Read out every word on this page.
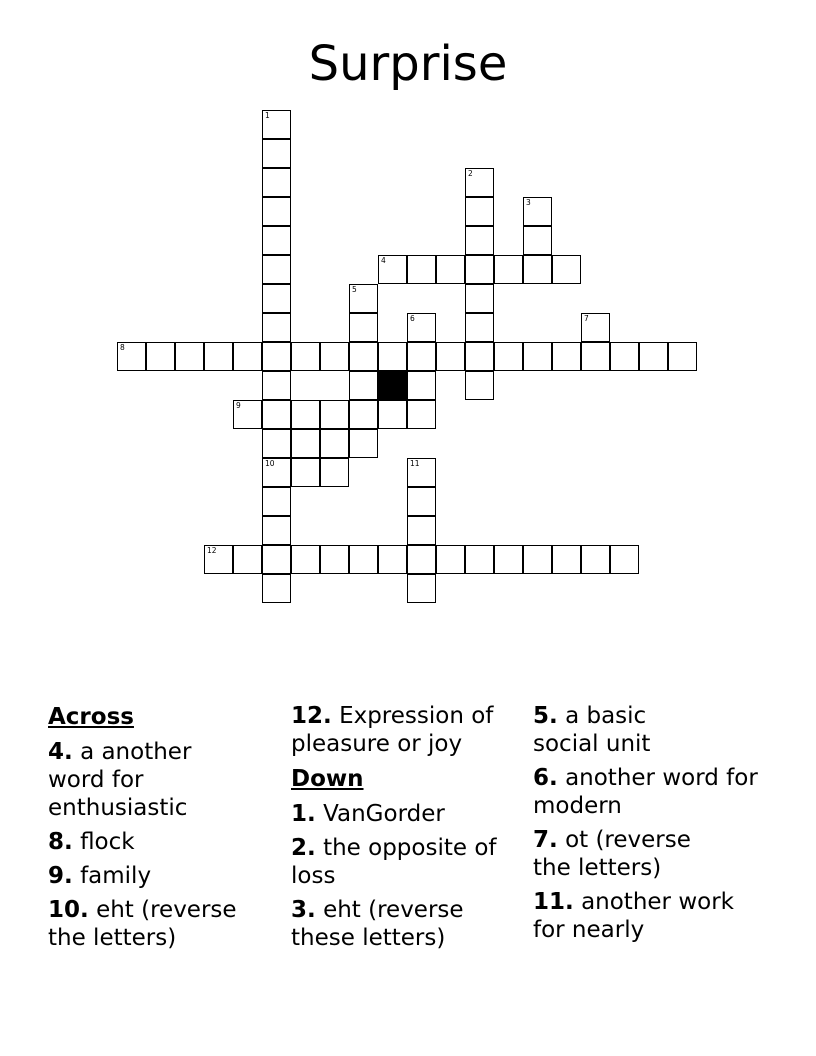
Surprise
1
10
2
3
4
5
6	7
8
9
11
12
Across
4. a another word for enthusiastic
8. flock
9. family
10. eht (reverse the letters)
12. Expression of pleasure or joy
Down
1. VanGorder
2. the opposite of loss
3. eht (reverse these letters)
5. a basic social unit
6. another word for modern
7. ot (reverse the letters)
11. another work for nearly
